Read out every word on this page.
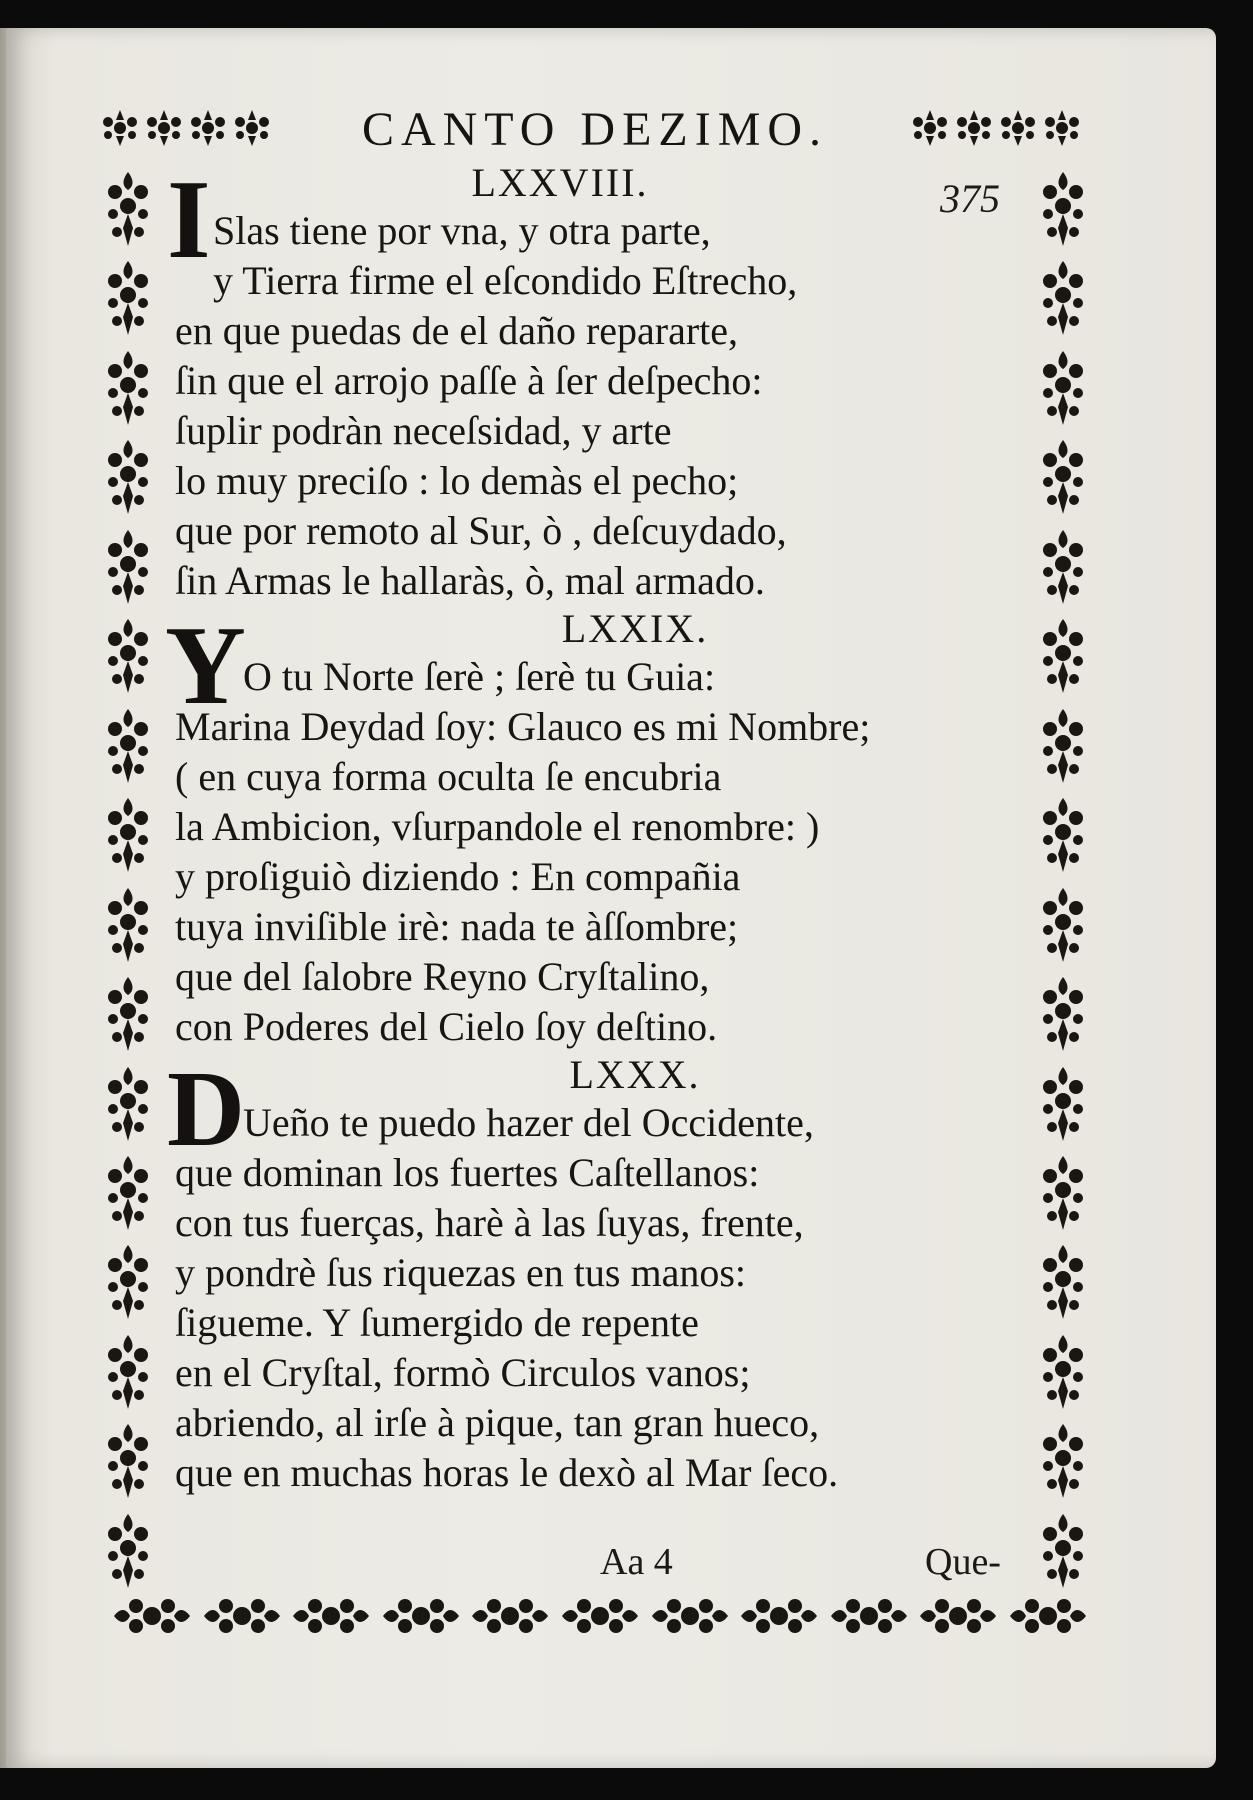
CANTO DEZIMO.
375
LXXVIII.
I Slas tiene por vna, y otra parte,
y Tierra firme el eſcondido Eſtrecho,
en que puedas de el daño repararte,
ſin que el arrojo paſſe à ſer deſpecho:
ſuplir podràn neceſsidad, y arte
lo muy preciſo : lo demàs el pecho;
que por remoto al Sur, ò , deſcuydado,
ſin Armas le hallaràs, ò, mal armado.
LXXIX.
Y
O tu Norte ſerè ; ſerè tu Guia:
Marina Deydad ſoy: Glauco es mi Nombre;
( en cuya forma oculta ſe encubria
la Ambicion, vſurpandole el renombre: )
y proſiguiò diziendo : En compañia
tuya inviſible irè: nada te àſſombre;
que del ſalobre Reyno Cryſtalino,
con Poderes del Cielo ſoy deſtino.
LXXX.
D
Ueño te puedo hazer del Occidente,
que dominan los fuertes Caſtellanos:
con tus fuerças, harè à las ſuyas, frente,
y pondrè ſus riquezas en tus manos:
ſigueme. Y ſumergido de repente
en el Cryſtal, formò Circulos vanos;
abriendo, al irſe à pique, tan gran hueco,
que en muchas horas le dexò al Mar ſeco.
Aa 4	Que-
